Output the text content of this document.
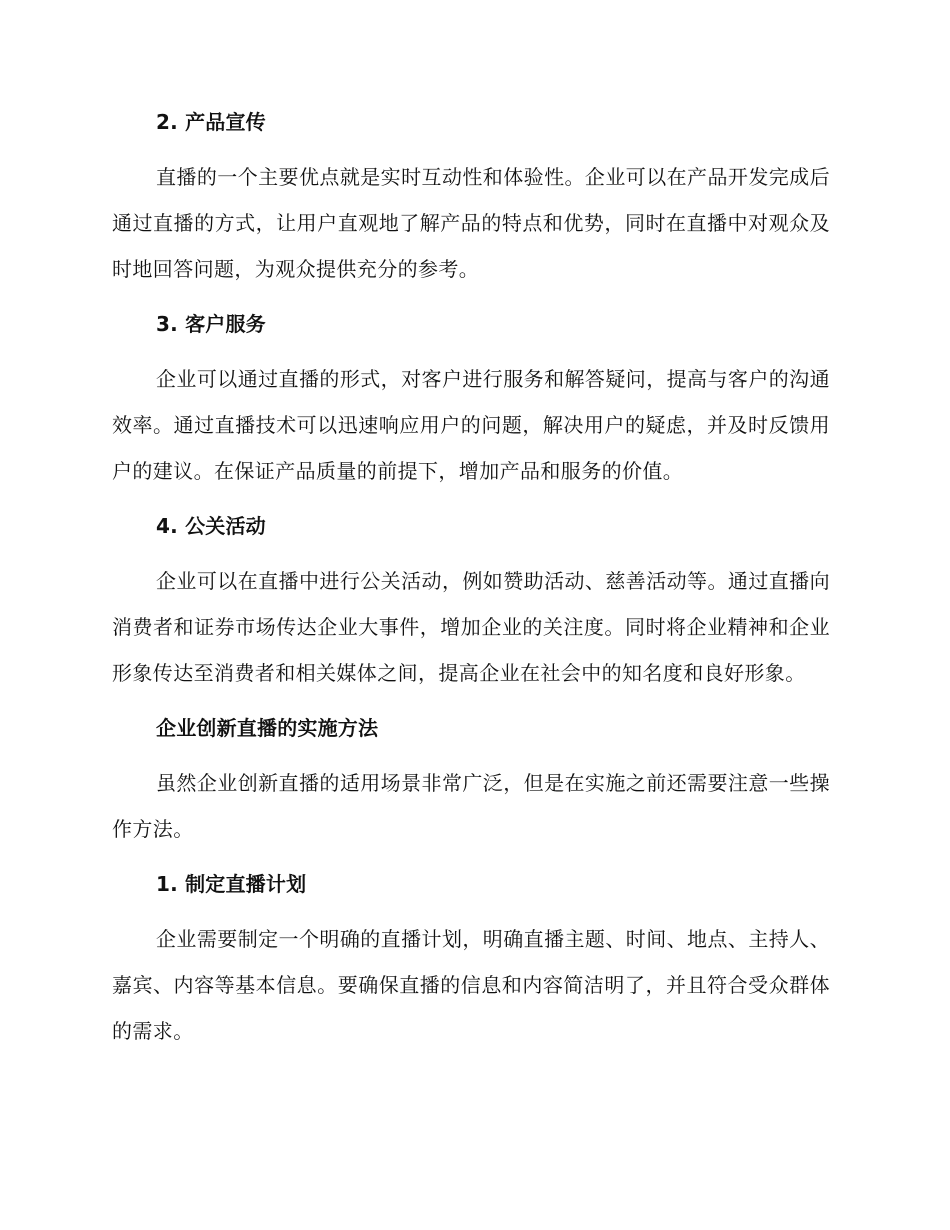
2. 产品宣传

直播的一个主要优点就是实时互动性和体验性。企业可以在产品开发完成后通过直播的方式，让用户直观地了解产品的特点和优势，同时在直播中对观众及时地回答问题，为观众提供充分的参考。

3. 客户服务

企业可以通过直播的形式，对客户进行服务和解答疑问，提高与客户的沟通效率。通过直播技术可以迅速响应用户的问题，解决用户的疑虑，并及时反馈用户的建议。在保证产品质量的前提下，增加产品和服务的价值。

4. 公关活动

企业可以在直播中进行公关活动，例如赞助活动、慈善活动等。通过直播向消费者和证券市场传达企业大事件，增加企业的关注度。同时将企业精神和企业形象传达至消费者和相关媒体之间，提高企业在社会中的知名度和良好形象。

企业创新直播的实施方法

虽然企业创新直播的适用场景非常广泛，但是在实施之前还需要注意一些操作方法。

1. 制定直播计划

企业需要制定一个明确的直播计划，明确直播主题、时间、地点、主持人、嘉宾、内容等基本信息。要确保直播的信息和内容简洁明了，并且符合受众群体的需求。
